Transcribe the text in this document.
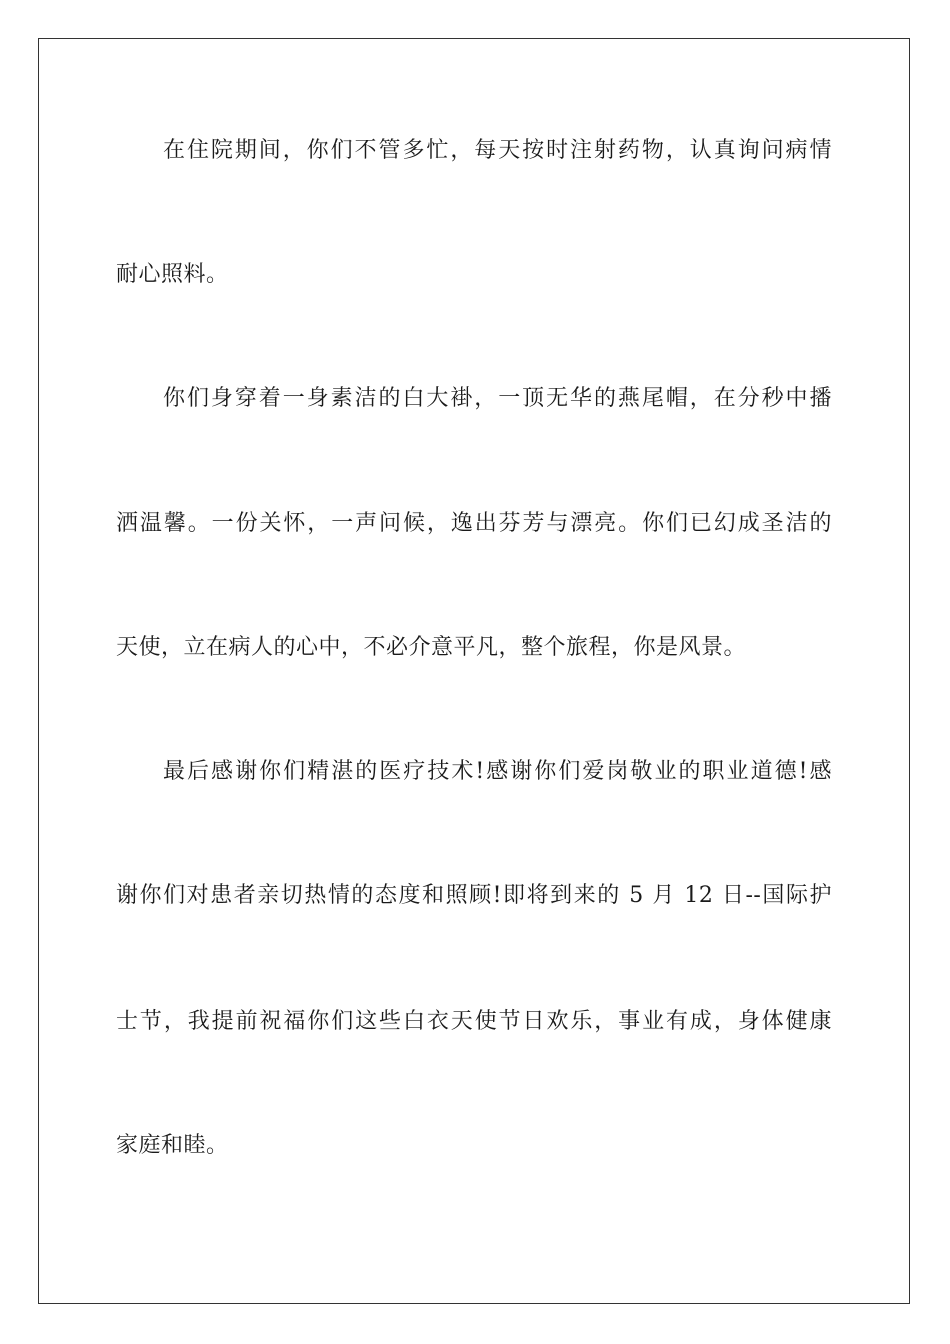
在住院期间，你们不管多忙，每天按时注射药物，认真询问病情
耐心照料。
你们身穿着一身素洁的白大褂，一顶无华的燕尾帽，在分秒中播
洒温馨。一份关怀，一声问候，逸出芬芳与漂亮。你们已幻成圣洁的
天使，立在病人的心中，不必介意平凡，整个旅程，你是风景。
最后感谢你们精湛的医疗技术!感谢你们爱岗敬业的职业道德!感
谢你们对患者亲切热情的态度和照顾!即将到来的 5 月 12 日--国际护
士节，我提前祝福你们这些白衣天使节日欢乐，事业有成，身体健康
家庭和睦。
